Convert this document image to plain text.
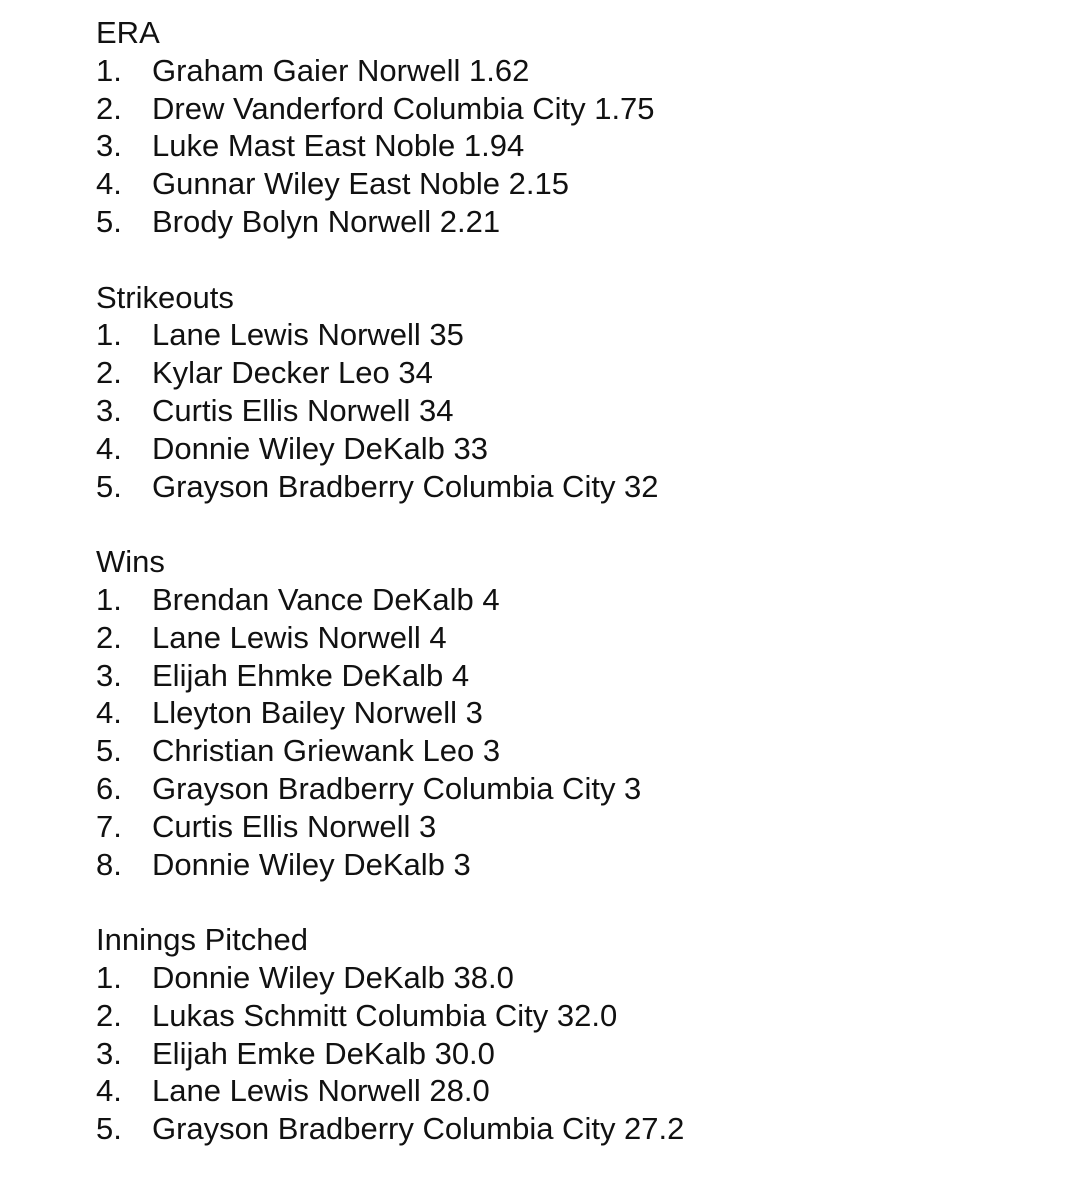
ERA
1. Graham Gaier Norwell 1.62
2. Drew Vanderford Columbia City 1.75
3. Luke Mast East Noble 1.94
4. Gunnar Wiley East Noble 2.15
5. Brody Bolyn Norwell 2.21
Strikeouts
1. Lane Lewis Norwell 35
2. Kylar Decker Leo 34
3. Curtis Ellis Norwell 34
4. Donnie Wiley DeKalb 33
5. Grayson Bradberry Columbia City 32
Wins
1. Brendan Vance DeKalb 4
2. Lane Lewis Norwell 4
3. Elijah Ehmke DeKalb 4
4. Lleyton Bailey Norwell 3
5. Christian Griewank Leo 3
6. Grayson Bradberry Columbia City 3
7. Curtis Ellis Norwell 3
8. Donnie Wiley DeKalb 3
Innings Pitched
1. Donnie Wiley DeKalb 38.0
2. Lukas Schmitt Columbia City 32.0
3. Elijah Emke DeKalb 30.0
4. Lane Lewis Norwell 28.0
5. Grayson Bradberry Columbia City 27.2
